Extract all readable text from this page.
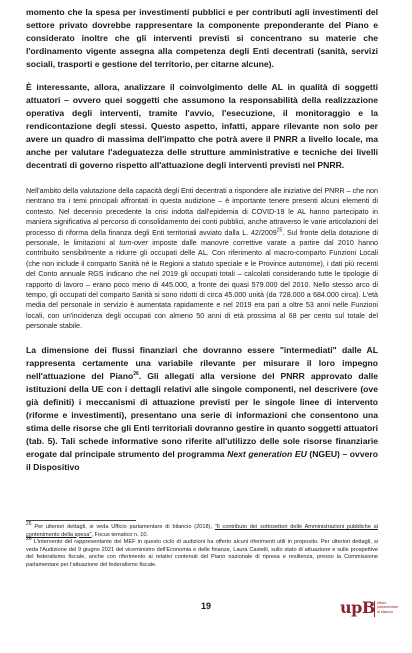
momento che la spesa per investimenti pubblici e per contributi agli investimenti del settore privato dovrebbe rappresentare la componente preponderante del Piano e considerato inoltre che gli interventi previsti si concentrano su materie che l'ordinamento vigente assegna alla competenza degli Enti decentrati (sanità, servizi sociali, trasporti e gestione del territorio, per citarne alcune).

È interessante, allora, analizzare il coinvolgimento delle AL in qualità di soggetti attuatori – ovvero quei soggetti che assumono la responsabilità della realizzazione operativa degli interventi, tramite l'avvio, l'esecuzione, il monitoraggio e la rendicontazione degli stessi. Questo aspetto, infatti, appare rilevante non solo per avere un quadro di massima dell'impatto che potrà avere il PNRR a livello locale, ma anche per valutare l'adeguatezza delle strutture amministrative e tecniche dei livelli decentrati di governo rispetto all'attuazione degli interventi previsti nel PNRR.

Nell'ambito della valutazione della capacità degli Enti decentrati a rispondere alle iniziative del PNRR – che non rientrano tra i temi principali affrontati in questa audizione – è importante tenere presenti alcuni elementi di contesto. Nel decennio precedente la crisi indotta dall'epidemia di COVID-19 le AL hanno partecipato in maniera significativa al percorso di consolidamento dei conti pubblici, anche attraverso le varie articolazioni del processo di riforma della finanza degli Enti territoriali avviato dalla L. 42/2009$^{25}$. Sul fronte della dotazione di personale, le limitazioni al turn-over imposte dalle manovre correttive varate a partire dal 2010 hanno contribuito sensibilmente a ridurre gli occupati delle AL. Con riferimento al macro-comparto Funzioni Locali (che non include il comparto Sanità né le Regioni a statuto speciale e le Province autonome), i dati più recenti del Conto annuale RGS indicano che nel 2019 gli occupati totali – calcolati considerando tutte le tipologie di rapporto di lavoro – erano poco meno di 445.000, a fronte dei quasi 579.000 del 2010. Nello stesso arco di tempo, gli occupati del comparto Sanità si sono ridotti di circa 45.000 unità (da 728.000 a 684.000 circa). L'età media del personale in servizio è aumentata rapidamente e nel 2019 era pari a oltre 53 anni nelle Funzioni locali, con un'incidenza degli occupati con almeno 50 anni di età prossima al 68 per cento sul totale del personale stabile.

La dimensione dei flussi finanziari che dovranno essere "intermediati" dalle AL rappresenta certamente una variabile rilevante per misurare il loro impegno nell'attuazione del Piano$^{26}$. Gli allegati alla versione del PNRR approvato dalle istituzioni della UE con i dettagli relativi alle singole componenti, nel descrivere (ove già definiti) i meccanismi di attuazione previsti per le singole linee di intervento (riforme e investimenti), presentano una serie di informazioni che consentono una stima delle risorse che gli Enti territoriali dovranno gestire in quanto soggetti attuatori (tab. 5). Tali schede informative sono riferite all'utilizzo delle sole risorse finanziarie erogate dal principale strumento del programma Next generation EU (NGEU) – ovvero il Dispositivo

$^{25}$ Per ulteriori dettagli, si veda Ufficio parlamentare di bilancio (2018), "Il contributo dei sottosettori delle Amministrazioni pubbliche al contenimento della spesa", Focus tematico n. 10.

$^{26}$ L'intervento del rappresentante del MEF in questo ciclo di audizioni ha offerto alcuni riferimenti utili in proposito. Per ulteriori dettagli, si veda l'Audizione del 9 giugno 2021 del viceministro dell'Economia e delle finanze, Laura Castelli, sullo stato di attuazione e sulle prospettive del federalismo fiscale, anche con riferimento ai relativi contenuti del Piano nazionale di ripresa e resilienza, presso la Commissione parlamentare per l'attuazione del federalismo fiscale.

19	upB ufficio
parlamentare
di bilancio
